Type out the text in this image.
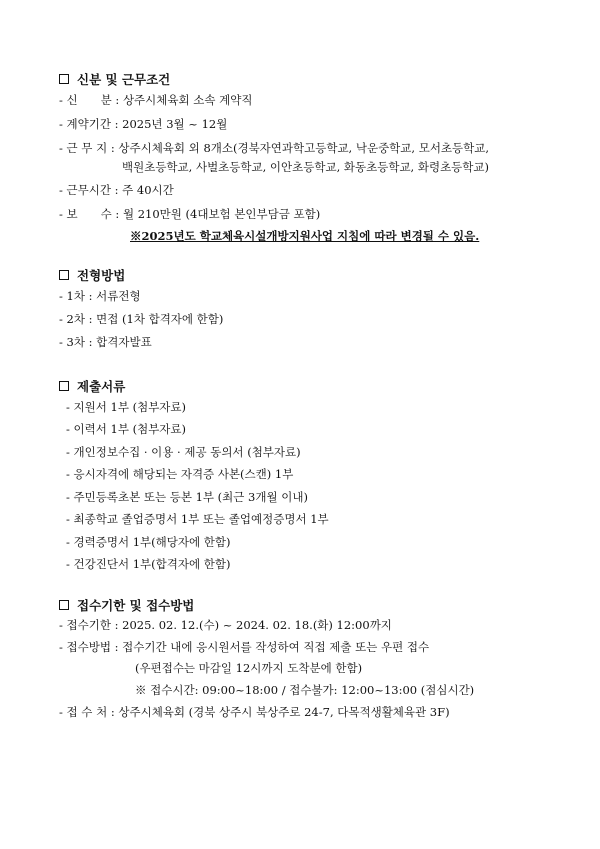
신분 및 근무조건
- 신　　분 : 상주시체육회 소속 계약직
- 계약기간 : 2025년 3월 ~ 12월
- 근 무 지 : 상주시체육회 외 8개소(경북자연과학고등학교, 낙운중학교, 모서초등학교,
백원초등학교, 사벌초등학교, 이안초등학교, 화동초등학교, 화령초등학교)
- 근무시간 : 주 40시간
- 보　　수 : 월 210만원 (4대보험 본인부담금 포함)
※2025년도 학교체육시설개방지원사업 지침에 따라 변경될 수 있음.
전형방법
- 1차 : 서류전형
- 2차 : 면접 (1차 합격자에 한함)
- 3차 : 합격자발표
제출서류
- 지원서 1부 (첨부자료)
- 이력서 1부 (첨부자료)
- 개인정보수집 · 이용 · 제공 동의서 (첨부자료)
- 응시자격에 해당되는 자격증 사본(스캔) 1부
- 주민등록초본 또는 등본 1부 (최근 3개월 이내)
- 최종학교 졸업증명서 1부 또는 졸업예정증명서 1부
- 경력증명서 1부(해당자에 한함)
- 건강진단서 1부(합격자에 한함)
접수기한 및 접수방법
- 접수기한 : 2025. 02. 12.(수) ~ 2024. 02. 18.(화) 12:00까지
- 접수방법 : 접수기간 내에 응시원서를 작성하여 직접 제출 또는 우편 접수
(우편접수는 마감일 12시까지 도착분에 한함)
※ 접수시간: 09:00~18:00 / 접수불가: 12:00~13:00 (점심시간)
- 접 수 처 : 상주시체육회 (경북 상주시 북상주로 24-7, 다목적생활체육관 3F)
